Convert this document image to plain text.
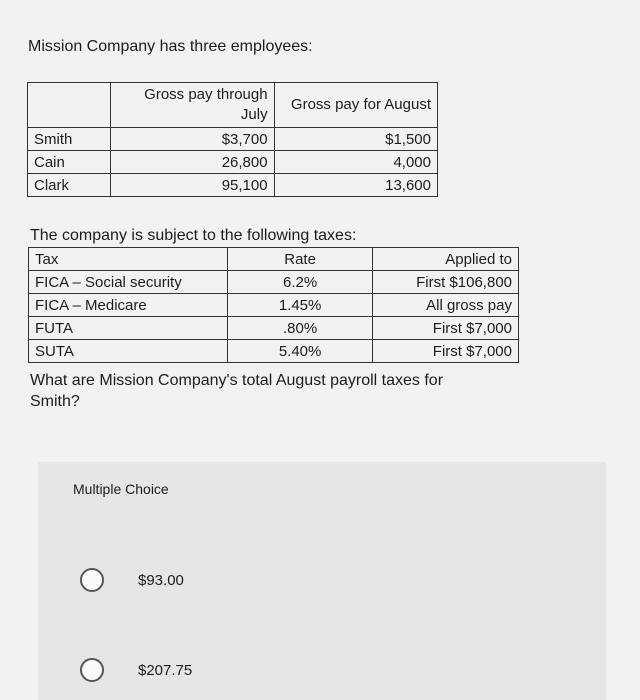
Mission Company has three employees:
	Gross pay through July	Gross pay for August
Smith	$3,700	$1,500
Cain	26,800	4,000
Clark	95,100	13,600
The company is subject to the following taxes:
Tax	Rate	Applied to
FICA – Social security	6.2%	First $106,800
FICA – Medicare	1.45%	All gross pay
FUTA	.80%	First $7,000
SUTA	5.40%	First $7,000
What are Mission Company's total August payroll taxes for Smith?
Multiple Choice
$93.00
$207.75
